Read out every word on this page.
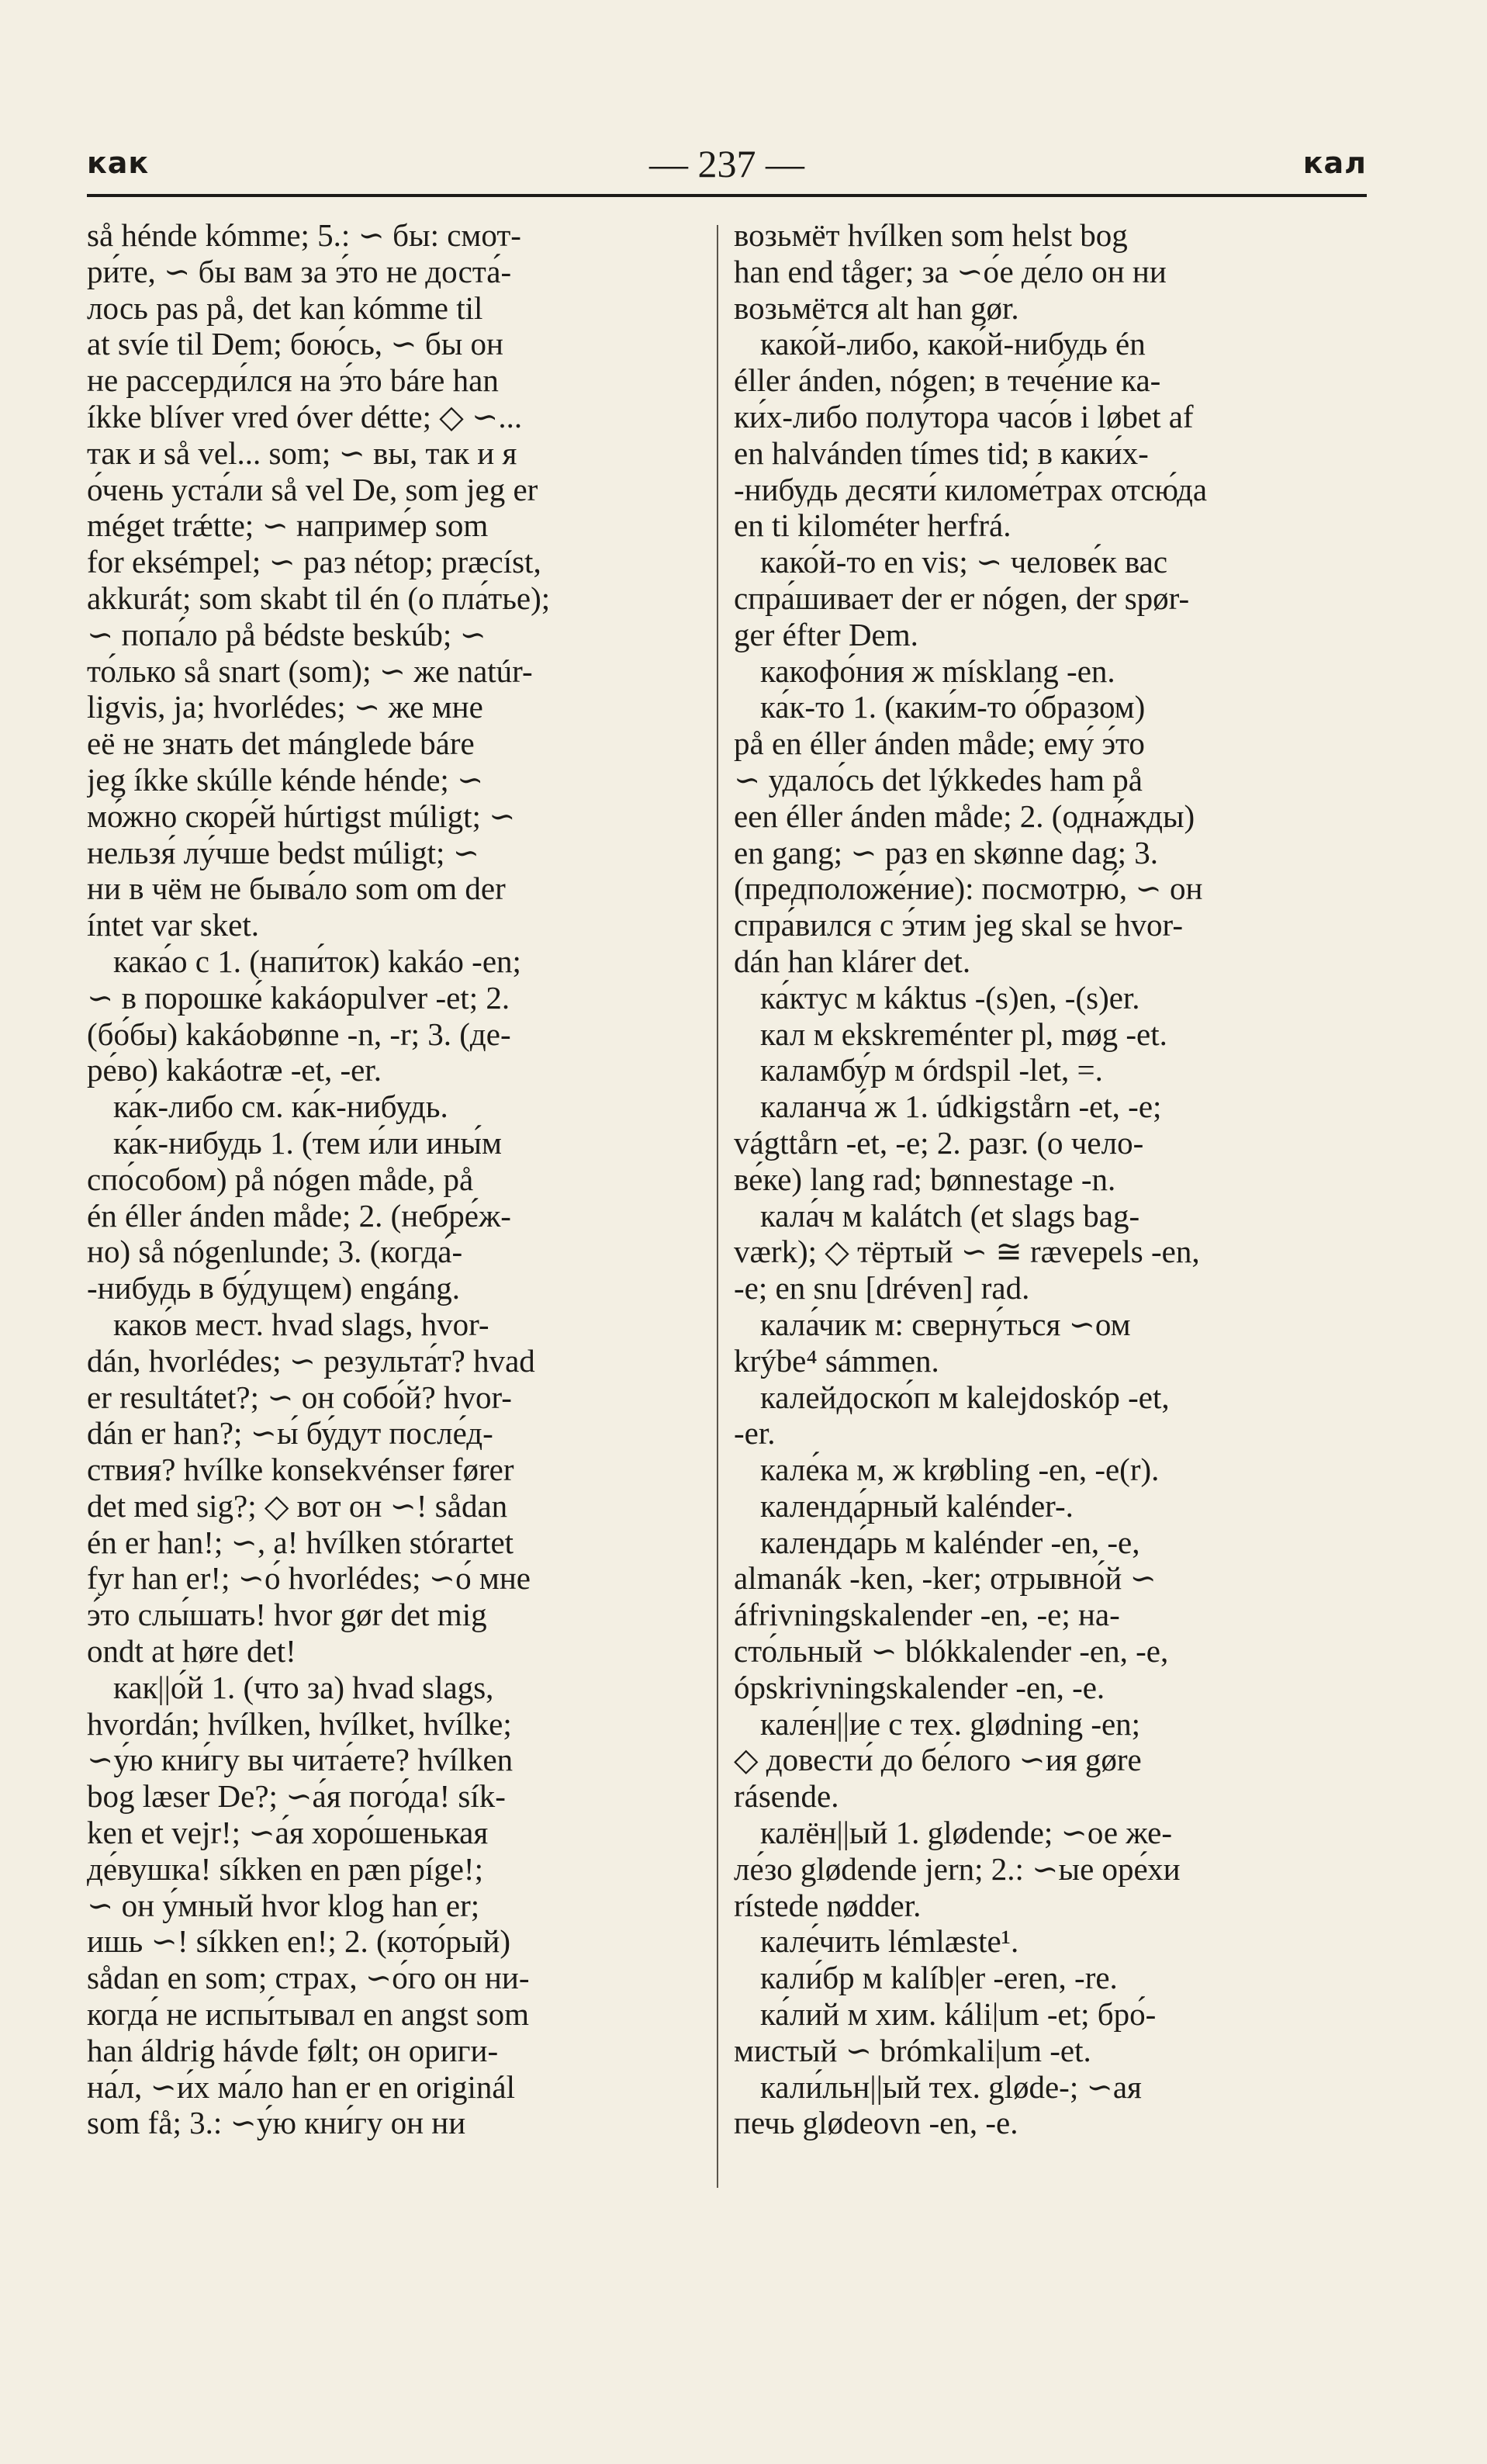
как	— 237 —	кал
så hénde kómme; 5.: ∽ бы: смот-
ри́те, ∽ бы вам за э́то не доста́-
лось pas på, det kan kómme til
at svíe til Dem; бою́сь, ∽ бы он
не рассерди́лся на э́то báre han
íkke blíver vred óver détte; ◇ ∽...
так и så vel... som; ∽ вы, так и я
о́чень уста́ли så vel De, som jeg er
méget trǽtte; ∽ наприме́р som
for eksémpel; ∽ раз nétop; præcíst,
akkurát; som skabt til én (о пла́тье);
∽ попа́ло på bédste beskúb; ∽
то́лько så snart (som); ∽ же natúr-
ligvis, ja; hvorlédes; ∽ же мне
её не знать det mánglede báre
jeg íkke skúlle kénde hénde; ∽
мо́жно скоре́й húrtigst múligt; ∽
нельзя́ лу́чше bedst múligt; ∽
ни в чём не быва́ло som om der
íntet var sket.
кака́о с 1. (напи́ток) kakáo -en;
∽ в порошке́ kakáopulver -et; 2.
(бо́бы) kakáobønne -n, -r; 3. (де-
ре́во) kakáotræ -et, -er.
ка́к-либо см. ка́к-нибудь.
ка́к-нибудь 1. (тем и́ли ины́м
спо́собом) på nógen måde, på
én éller ánden måde; 2. (небре́ж-
но) så nógenlunde; 3. (когда́-
-нибудь в бу́дущем) engáng.
како́в мест. hvad slags, hvor-
dán, hvorlédes; ∽ результа́т? hvad
er resultátet?; ∽ он собо́й? hvor-
dán er han?; ∽ы́ бу́дут после́д-
ствия? hvílke konsekvénser fører
det med sig?; ◇ вот он ∽! sådan
én er han!; ∽, a! hvílken stórartet
fyr han er!; ∽о́ hvorlédes; ∽о́ мне
э́то слы́шать! hvor gør det mig
ondt at høre det!
как||о́й 1. (что за) hvad slags,
hvordán; hvílken, hvílket, hvílke;
∽у́ю кни́гу вы чита́ете? hvílken
bog læser De?; ∽а́я пого́да! sík-
ken et vejr!; ∽а́я хоро́шенькая
де́вушка! síkken en pæn píge!;
∽ он у́мный hvor klog han er;
ишь ∽! síkken en!; 2. (кото́рый)
sådan en som; страх, ∽о́го он ни-
когда́ не испы́тывал en angst som
han áldrig hávde følt; он ориги-
на́л, ∽и́х ма́ло han er en originál
som få; 3.: ∽у́ю кни́гу он ни
возьмёт hvílken som helst bog
han end tåger; за ∽о́е де́ло он ни
возьмётся alt han gør.
како́й-либо, како́й-нибудь én
éller ánden, nógen; в тече́ние ка-
ки́х-либо полу́тора часо́в i løbet af
en halvánden tímes tid; в каки́х-
-нибудь десяти́ киломе́трах отсю́да
en ti kilométer herfrá.
како́й-то en vis; ∽ челове́к вас
спра́шивает der er nógen, der spør-
ger éfter Dem.
какофо́ния ж mísklang -en.
ка́к-то 1. (каки́м-то о́бразом)
på en éller ánden måde; ему́ э́то
∽ удало́сь det lýkkedes ham på
een éller ánden måde; 2. (одна́жды)
en gang; ∽ раз en skønne dag; 3.
(предположе́ние): посмотрю́, ∽ он
спра́вился с э́тим jeg skal se hvor-
dán han klárer det.
ка́ктус м káktus -(s)en, -(s)er.
кал м ekskreménter pl, møg -et.
каламбу́р м órdspil -let, =.
каланча́ ж 1. údkigstårn -et, -e;
vágttårn -et, -e; 2. разг. (о чело-
ве́ке) lang rad; bønnestage -n.
кала́ч м kalátch (et slags bag-
værk); ◇ тёртый ∽ ≅ rævepels -en,
-e; en snu [dréven] rad.
кала́чик м: сверну́ться ∽ом
krýbe⁴ sámmen.
калейдоско́п м kalejdoskóp -et,
-er.
кале́ка м, ж krøbling -en, -e(r).
календа́рный kalénder-.
календа́рь м kalénder -en, -e,
almanák -ken, -ker; отрывно́й ∽
áfrivningskalender -en, -e; на-
сто́льный ∽ blókkalender -en, -e,
ópskrivningskalender -en, -e.
кале́н||ие с тех. glødning -en;
◇ довести́ до бе́лого ∽ия gøre
rásende.
калён||ый 1. glødende; ∽ое же-
ле́зо glødende jern; 2.: ∽ые оре́хи
rístede nødder.
кале́чить lémlæste¹.
кали́бр м kalíb|er -eren, -re.
ка́лий м хим. káli|um -et; бро́-
мистый ∽ brómkali|um -et.
кали́льн||ый тех. gløde-; ∽ая
печь glødeovn -en, -e.
